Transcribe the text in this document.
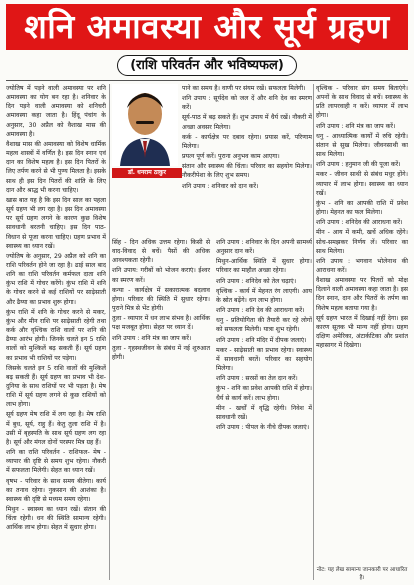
शनि अमावस्या और सूर्य ग्रहण
(राशि परिवर्तन और भविष्यफल)

ज्योतिष में पड़ने वाली अमावस्या पर शनि अमावस्या का योग बन रहा है। शनिवार के दिन पड़ने वाली अमावस्या को शनिचरी अमावस्या कहा जाता है। हिंदू पंचांग के अनुसार, 30 अप्रैल को वैशाख मास की अमावस्या है।

वैशाख मास की अमावस्या को विशेष धार्मिक महत्व शास्त्रों में वर्णित है। इस दिन स्नान एवं दान का विशेष महत्व है। इस दिन पितरों के लिए तर्पण करने से भी पुण्य मिलता है। इसके साथ ही इस दिन पितरों की शांति के लिए दान और श्राद्ध भी करना चाहिए।

खास बात यह है कि इस दिन साल का पहला सूर्य ग्रहण भी लग रहा है। इस दिन अमावस्या पर सूर्य ग्रहण लगने के कारण कुछ विशेष सावधानी बरतनी चाहिए। इस दिन पाठ-विधान से पूजा करना चाहिए। ग्रहण प्रभाव में स्वास्थ्य का ध्यान रखें।

ज्योतिष के अनुसार, 29 अप्रैल को शनि का राशि परिवर्तन होने जा रहा है। ढाई साल बाद शनि का राशि परिवर्तन कर्मफल दाता शनि कुंभ राशि में गोचर करेंगे। कुंभ राशि में शनि के गोचर करने से कई राशियों पर साढ़ेसाती और ढैय्या का प्रभाव शुरू होगा।

कुंभ राशि में शनि के गोचर करने से मकर, कुंभ और मीन राशि पर साढ़ेसाती रहेगी तथा कर्क और वृश्चिक राशि वालों पर शनि की ढैय्या आरंभ होगी। जिनके चलते इन 5 राशि वालों को मुश्किलें बढ़ सकती हैं। सूर्य ग्रहण का प्रभाव भी राशियों पर पड़ेगा।

जिसके चलते इन 5 राशि वालों की मुश्किलें बढ़ सकती हैं। सूर्य ग्रहण का प्रभाव भी देश-दुनिया के साथ राशियों पर भी पड़ता है। मेष राशि में सूर्य ग्रहण लगने से कुछ राशियों को लाभ होगा।

सूर्य ग्रहण मेष राशि में लग रहा है। मेष राशि में बुध, सूर्य, राहु हैं। केतु तुला राशि में है। उसी में बृहस्पति के साथ सूर्य ग्रहण लग रहा है। सूर्य और मंगल दोनों परस्पर मित्र ग्रह हैं।

शनि का राशि परिवर्तन - राशिफल- मेष - व्यापार की दृष्टि से समय शुभ रहेगा। नौकरी में सफलता मिलेगी। सेहत का ध्यान रखें।

वृषभ - परिवार के साथ समय बीतेगा। कार्य का तनाव रहेगा। नुकसान की आशंका है। स्वास्थ्य की दृष्टि से मध्यम समय रहेगा।

मिथुन - स्वास्थ्य का ध्यान रखें। संतान की चिंता रहेगी। धन की स्थिति सामान्य रहेगी। आर्थिक लाभ होगा। सेहत में सुधार होगा।

डॉ. धनराम ठाकुर

पाने का समय है। वाणी पर संयम रखें। सफलता मिलेगी।

शनि उपाय : सूर्यदेव को जल दें और शनि देव का स्मरण करें।

सूर्य-पाठ में बढ़ सकते हैं। शुभ उपाय में धैर्य रखें। नौकरी में अच्छा अवसर मिलेगा।

कर्क - कार्यक्षेत्र पर दबाव रहेगा। प्रयास करें, परिणाम मिलेगा।

प्रयत्न पूर्ण करें। पुराना अनुभव काम आएगा।

संतान और स्वास्थ्य की चिंता। परिवार का सहयोग मिलेगा। नौकरीपेशा के लिए शुभ समय।

शनि उपाय : शनिवार को दान करें।

सिंह - दिन अधिक उत्तम रहेगा। किसी से वाद-विवाद से बचें। पैसों की अधिक आवश्यकता रहेगी।

शनि उपाय: गरीबों को भोजन कराएं। ईश्वर का स्मरण करें।

कन्या - कार्यक्षेत्र में सकारात्मक बदलाव होगा। परिवार की स्थिति में सुधार रहेगा। पुराने मित्र से भेंट होगी।

तुला - व्यापार में धन लाभ संभव है। आर्थिक पक्ष मजबूत होगा। सेहत पर ध्यान दें।

शनि उपाय : शनि मंत्र का जाप करें।

तुला - गृहस्थजीवन के संबंध में नई शुरुआत होगी।

शनि उपाय : शनिवार के दिन अपनी सामर्थ्य अनुसार दान करें।

मिथुन-आर्थिक स्थिति में सुधार होगा। परिवार का माहौल अच्छा रहेगा।

शनि उपाय : शनिदेव को तेल चढ़ाएं।

वृश्चिक - कार्य में मेहनत रंग लाएगी। आय के स्रोत बढ़ेंगे। धन लाभ होगा।

शनि उपाय : शनि देव की आराधना करें।

धनु - प्रतियोगिता की तैयारी कर रहे लोगों को सफलता मिलेगी। यात्रा शुभ रहेगी।

शनि उपाय : शनि मंदिर में दीपक जलाएं।

मकर - साढ़ेसाती का प्रभाव रहेगा। स्वास्थ्य में सावधानी बरतें। परिवार का सहयोग मिलेगा।

शनि उपाय : सरसों का तेल दान करें।

कुंभ - शनि का प्रवेश आपकी राशि में होगा। धैर्य से कार्य करें। लाभ होगा।

मीन - खर्चों में वृद्धि रहेगी। निवेश में सावधानी रखें।

शनि उपाय : पीपल के नीचे दीपक जलाएं।

वृश्चिक - परिवार संग समय बिताएंगे। अपनों के साथ विवाद से बचें। स्वास्थ्य के प्रति लापरवाही न करें। व्यापार में लाभ होगा।

शनि उपाय : शनि मंत्र का जाप करें।

धनु - आध्यात्मिक कार्यों में रुचि रहेगी। संतान से सुख मिलेगा। जीवनसाथी का साथ मिलेगा।

शनि उपाय : हनुमान जी की पूजा करें।

मकर - जीवन साथी से संबंध मधुर होंगे। व्यापार में लाभ होगा। स्वास्थ्य का ध्यान रखें।

कुंभ - शनि का आपकी राशि में प्रवेश होगा। मेहनत का फल मिलेगा।

शनि उपाय : शनिदेव की आराधना करें।

मीन - आय में कमी, खर्चे अधिक रहेंगे। सोच-समझकर निर्णय लें। परिवार का साथ मिलेगा।

शनि उपाय : भगवान भोलेनाथ की आराधना करें।

वैशाख अमावस्या पर पितरों को मोक्ष दिलाने वाली अमावस्या कहा जाता है। इस दिन स्नान, दान और पितरों के तर्पण का विशेष महत्व बताया गया है।

सूर्य ग्रहण भारत में दिखाई नहीं देगा। इस कारण सूतक भी मान्य नहीं होगा। ग्रहण दक्षिण अमेरिका, अंटार्कटिका और प्रशांत महासागर में दिखेगा।

नोट: यह लेख सामान्य जानकारी पर आधारित है।
